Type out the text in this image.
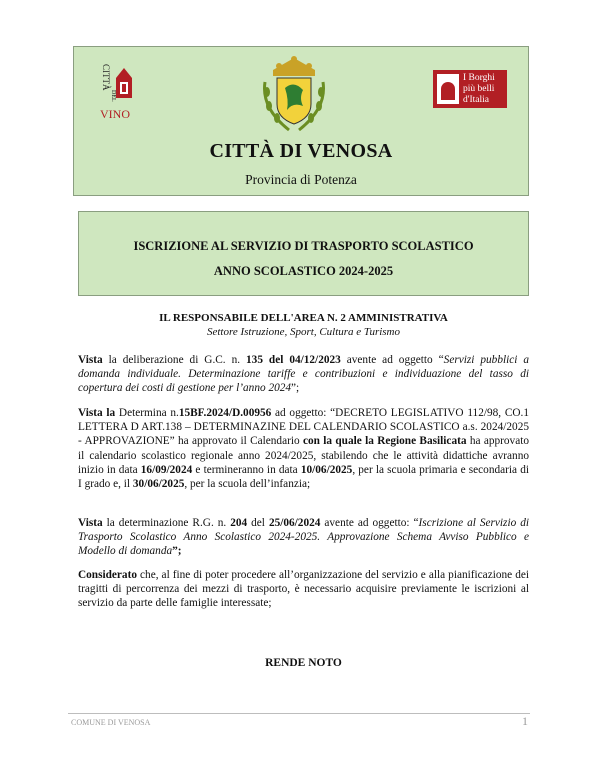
CITTÀ
DEL
VINO
I Borghi
più belli
d'Italia
CITTÀ DI VENOSA
Provincia di Potenza
ISCRIZIONE AL SERVIZIO DI TRASPORTO SCOLASTICO
ANNO SCOLASTICO 2024-2025
IL RESPONSABILE DELL'AREA N. 2 AMMINISTRATIVA
Settore Istruzione, Sport, Cultura e Turismo
Vista la deliberazione di G.C. n. 135 del 04/12/2023 avente ad oggetto “Servizi pubblici a domanda individuale. Determinazione tariffe e contribuzioni e individuazione del tasso di copertura dei costi di gestione per l’anno 2024”;
Vista la Determina n.15BF.2024/D.00956 ad oggetto: “DECRETO LEGISLATIVO 112/98, CO.1 LETTERA D ART.138 – DETERMINAZINE DEL CALENDARIO SCOLASTICO a.s. 2024/2025 - APPROVAZIONE” ha approvato il Calendario con la quale la Regione Basilicata ha approvato il calendario scolastico regionale anno 2024/2025, stabilendo che le attività didattiche avranno inizio in data 16/09/2024 e termineranno in data 10/06/2025, per la scuola primaria e secondaria di I grado e, il 30/06/2025, per la scuola dell’infanzia;
Vista la determinazione R.G. n. 204 del 25/06/2024 avente ad oggetto: “Iscrizione al Servizio di Trasporto Scolastico Anno Scolastico 2024-2025. Approvazione Schema Avviso Pubblico e Modello di domanda”;
Considerato che, al fine di poter procedere all’organizzazione del servizio e alla pianificazione dei tragitti di percorrenza dei mezzi di trasporto, è necessario acquisire previamente le iscrizioni al servizio da parte delle famiglie interessate;
RENDE NOTO
COMUNE DI VENOSA	1
